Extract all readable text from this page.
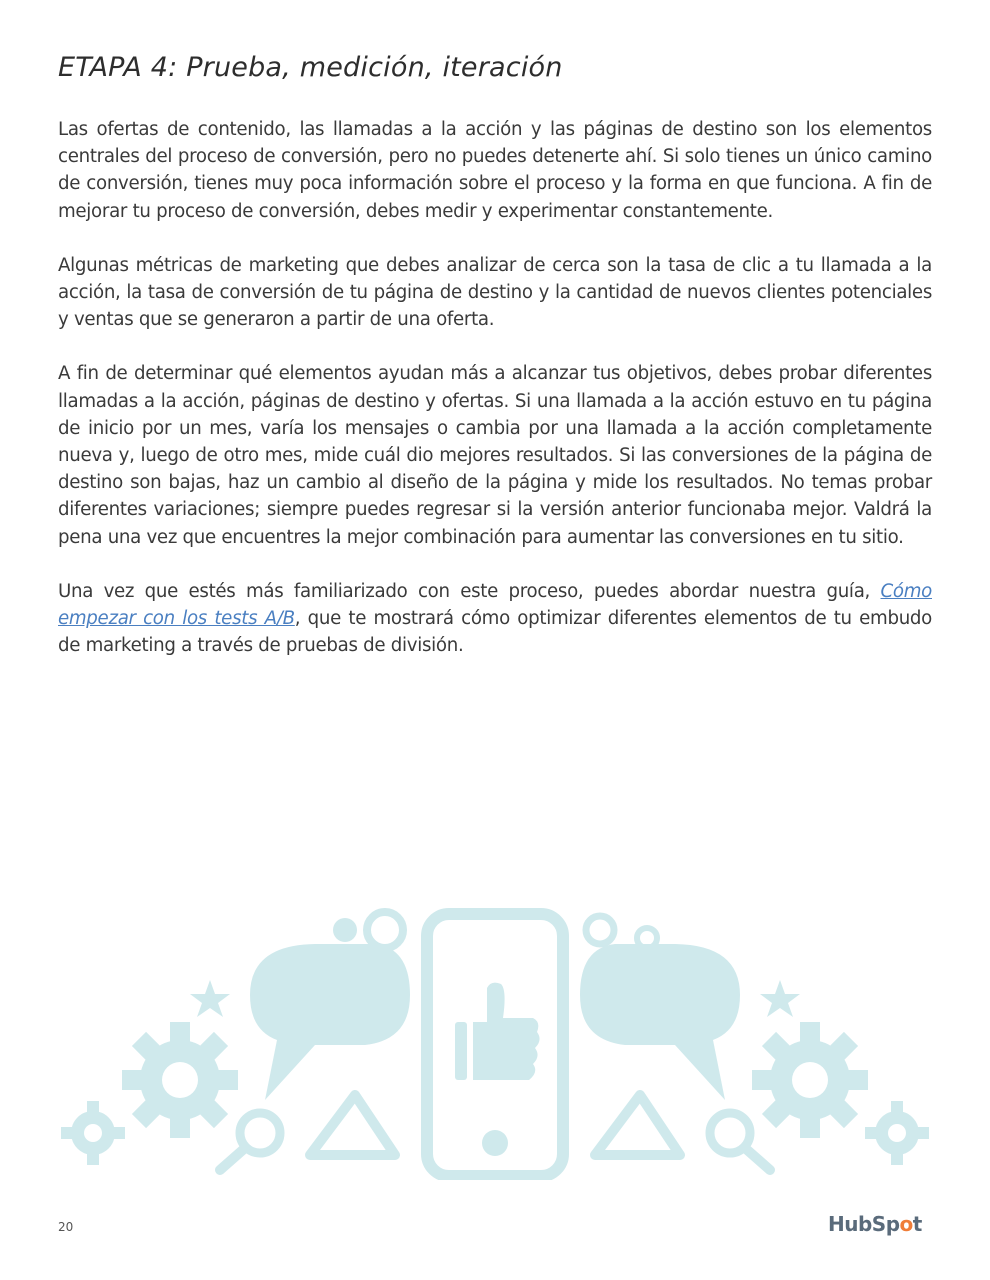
ETAPA 4: Prueba, medición, iteración

Las ofertas de contenido, las llamadas a la acción y las páginas de destino son los elementos centrales del proceso de conversión, pero no puedes detenerte ahí. Si solo tienes un único camino de conversión, tienes muy poca información sobre el proceso y la forma en que funciona. A fin de mejorar tu proceso de conversión, debes medir y experimentar constantemente.

Algunas métricas de marketing que debes analizar de cerca son la tasa de clic a tu llamada a la acción, la tasa de conversión de tu página de destino y la cantidad de nuevos clientes potenciales y ventas que se generaron a partir de una oferta.

A fin de determinar qué elementos ayudan más a alcanzar tus objetivos, debes probar diferentes llamadas a la acción, páginas de destino y ofertas. Si una llamada a la acción estuvo en tu página de inicio por un mes, varía los mensajes o cambia por una llamada a la acción completamente nueva y, luego de otro mes, mide cuál dio mejores resultados. Si las conversiones de la página de destino son bajas, haz un cambio al diseño de la página y mide los resultados. No temas probar diferentes variaciones; siempre puedes regresar si la versión anterior funcionaba mejor. Valdrá la pena una vez que encuentres la mejor combinación para aumentar las conversiones en tu sitio.

Una vez que estés más familiarizado con este proceso, puedes abordar nuestra guía, Cómo empezar con los tests A/B, que te mostrará cómo optimizar diferentes elementos de tu embudo de marketing a través de pruebas de división.

20	HubSpot
